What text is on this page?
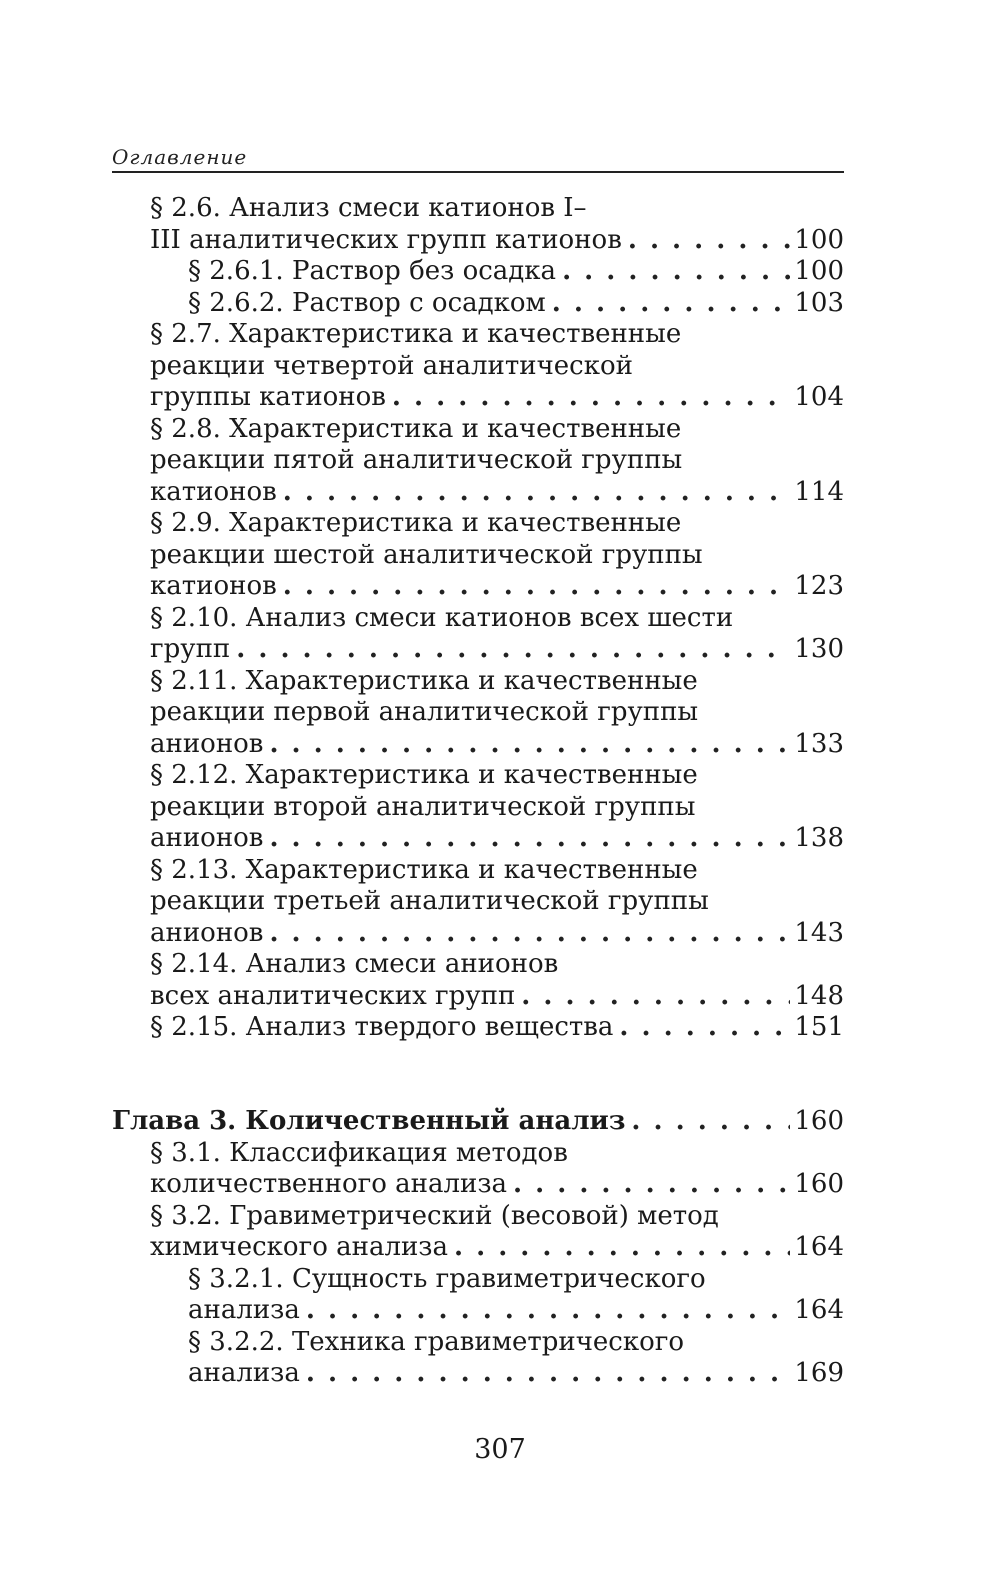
Оглавление
§ 2.6. Анализ смеси катионов I–
III аналитических групп катионов . . .	100
§ 2.6.1. Раствор без осадка . . .	100
§ 2.6.2. Раствор с осадком . . .	103
§ 2.7. Характеристика и качественные
реакции четвертой аналитической
группы катионов . . .	104
§ 2.8. Характеристика и качественные
реакции пятой аналитической группы
катионов . . .	114
§ 2.9. Характеристика и качественные
реакции шестой аналитической группы
катионов . . .	123
§ 2.10. Анализ смеси катионов всех шести
групп . . .	130
§ 2.11. Характеристика и качественные
реакции первой аналитической группы
анионов . . .	133
§ 2.12. Характеристика и качественные
реакции второй аналитической группы
анионов . . .	138
§ 2.13. Характеристика и качественные
реакции третьей аналитической группы
анионов . . .	143
§ 2.14. Анализ смеси анионов
всех аналитических групп . . .	148
§ 2.15. Анализ твердого вещества . . .	151
Глава 3. Количественный анализ . . .	160
§ 3.1. Классификация методов
количественного анализа . . .	160
§ 3.2. Гравиметрический (весовой) метод
химического анализа . . .	164
§ 3.2.1. Сущность гравиметрического
анализа . . .	164
§ 3.2.2. Техника гравиметрического
анализа . . .	169
307
